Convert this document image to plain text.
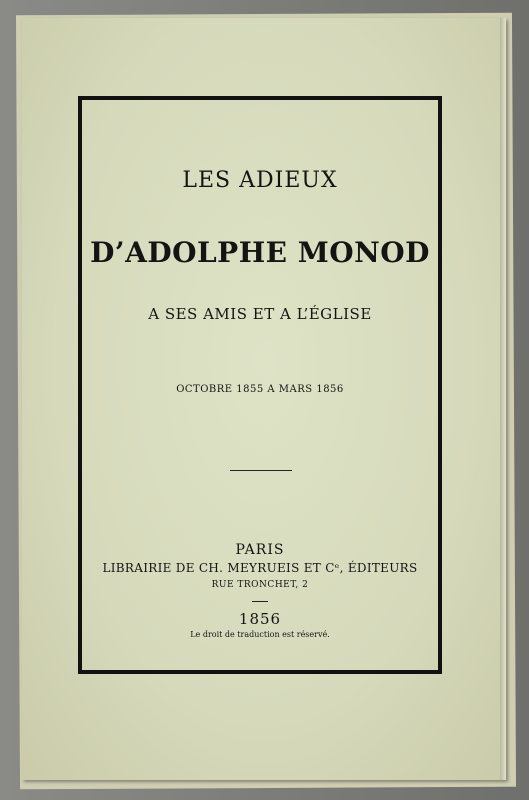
LES ADIEUX
D’ADOLPHE MONOD
A SES AMIS ET A L’ÉGLISE
OCTOBRE 1855 A MARS 1856
PARIS
LIBRAIRIE DE CH. MEYRUEIS ET Cᵉ, ÉDITEURS
RUE TRONCHET, 2
1856
Le droit de traduction est réservé.
